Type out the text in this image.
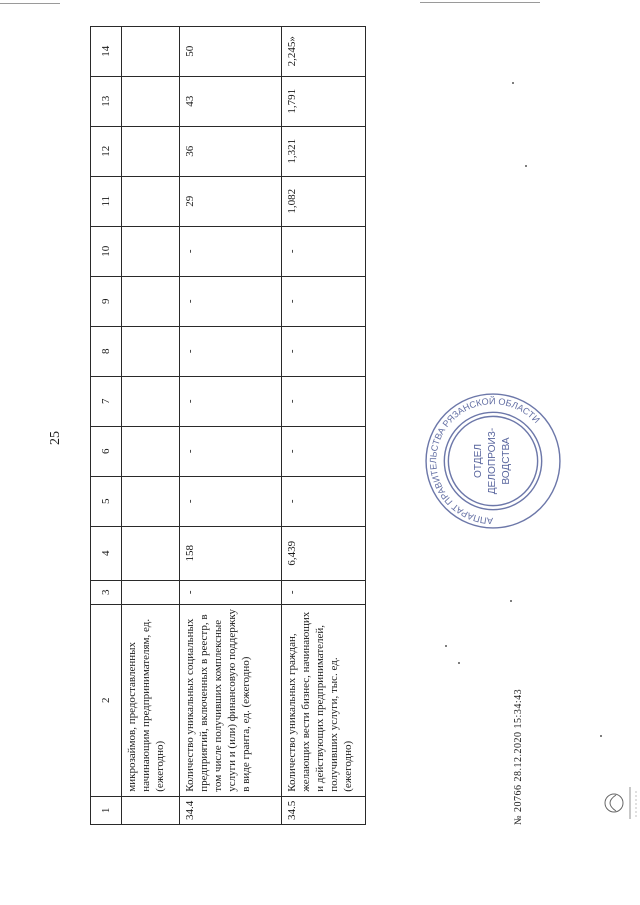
25
1	2	3	4	5	6	7	8	9	10	11	12	13	14
	микрозаймов, предоставленных начинающим предпринимателям, ед. (ежегодно)												
34.4	Количество уникальных социальных предприятий, включенных в реестр, в том числе получивших комплексные услуги и (или) финансовую поддержку в виде гранта, ед. (ежегодно)	-	158	-	-	-	-	-	-	29	36	43	50
34.5	Количество уникальных граждан, желающих вести бизнес, начинающих и действующих предпринимателей, получивших услуги, тыс. ед. (ежегодно)	-	6,439	-	-	-	-	-	-	1,082	1,321	1,791	2,245»
АППАРАТ ПРАВИТЕЛЬСТВА РЯЗАНСКОЙ ОБЛАСТИ
ОТДЕЛ ДЕЛОПРОИЗ- ВОДСТВА
№ 20766 28.12.2020 15:34:43
